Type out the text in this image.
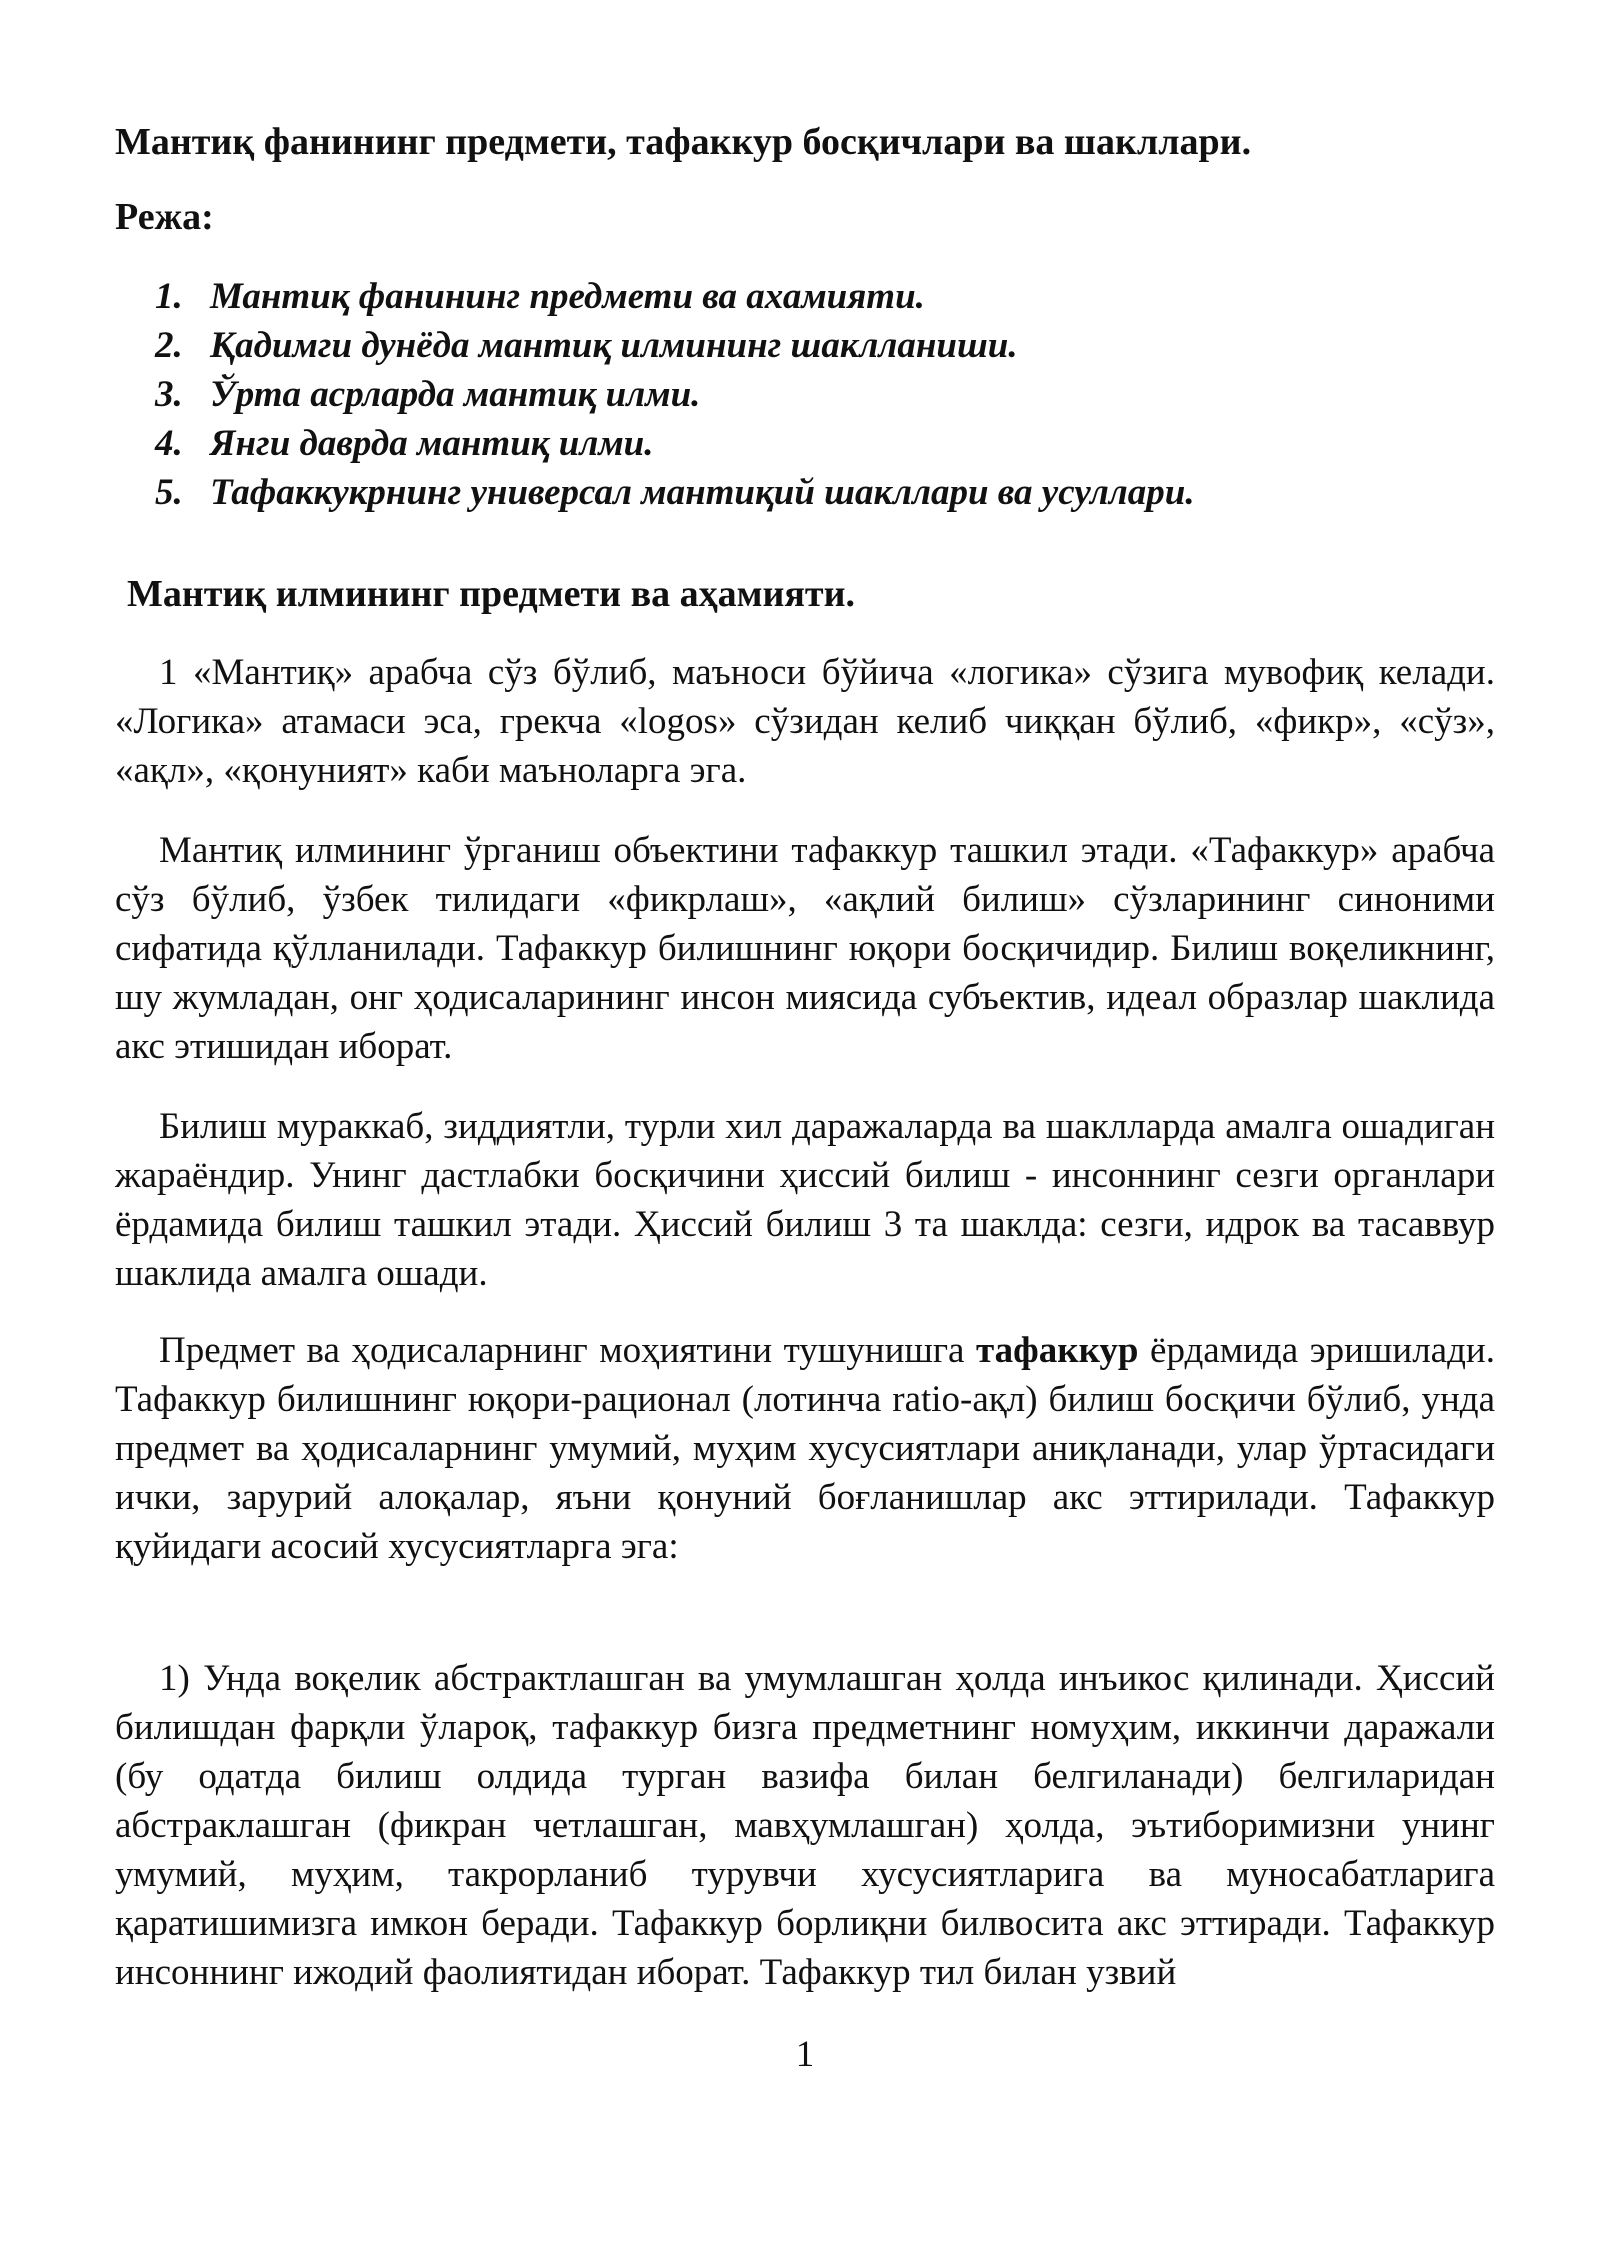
Мантиқ фанининг предмети, тафаккур босқичлари ва шакллари.
Режа:
1. Мантиқ фанининг предмети ва ахамияти.
2. Қадимги дунёда мантиқ илмининг шаклланиши.
3. Ўрта асрларда мантиқ илми.
4. Янги даврда мантиқ илми.
5. Тафаккукрнинг универсал мантиқий шакллари ва усуллари.
Мантиқ илмининг предмети ва аҳамияти.

1 «Мантиқ» арабча сўз бўлиб, маъноси бўйича «логика» сўзига мувофиқ келади. «Логика» атамаси эса, грекча «logos» сўзидан келиб чиққан бўлиб, «фикр», «сўз», «ақл», «қонуният» каби маъноларга эга.

Мантиқ илмининг ўрганиш объектини тафаккур ташкил этади. «Тафаккур» арабча сўз бўлиб, ўзбек тилидаги «фикрлаш», «ақлий билиш» сўзларининг синоними сифатида қўлланилади. Тафаккур билишнинг юқори босқичидир. Билиш воқеликнинг, шу жумладан, онг ҳодисаларининг инсон миясида субъектив, идеал образлар шаклида акс этишидан иборат.

Билиш мураккаб, зиддиятли, турли хил даражаларда ва шаклларда амалга ошадиган жараёндир. Унинг дастлабки босқичини ҳиссий билиш - инсоннинг сезги органлари ёрдамида билиш ташкил этади. Ҳиссий билиш 3 та шаклда: сезги, идрок ва тасаввур шаклида амалга ошади.

Предмет ва ҳодисаларнинг моҳиятини тушунишга тафаккур ёрдамида эришилади. Тафаккур билишнинг юқори-рационал (лотинча ratio-ақл) билиш босқичи бўлиб, унда предмет ва ҳодисаларнинг умумий, муҳим хусусиятлари аниқланади, улар ўртасидаги ички, зарурий алоқалар, яъни қонуний боғланишлар акс эттирилади. Тафаккур қуйидаги асосий хусусиятларга эга:

1) Унда воқелик абстрактлашган ва умумлашган ҳолда инъикос қилинади. Ҳиссий билишдан фарқли ўлароқ, тафаккур бизга предметнинг номуҳим, иккинчи даражали (бу одатда билиш олдида турган вазифа билан белгиланади) белгиларидан абстраклашган (фикран четлашган, мавҳумлашган) ҳолда, эътиборимизни унинг умумий, муҳим, такрорланиб турувчи хусусиятларига ва муносабатларига қаратишимизга имкон беради. Тафаккур борлиқни билвосита акс эттиради. Тафаккур инсоннинг ижодий фаолиятидан иборат. Тафаккур тил билан узвий

1
